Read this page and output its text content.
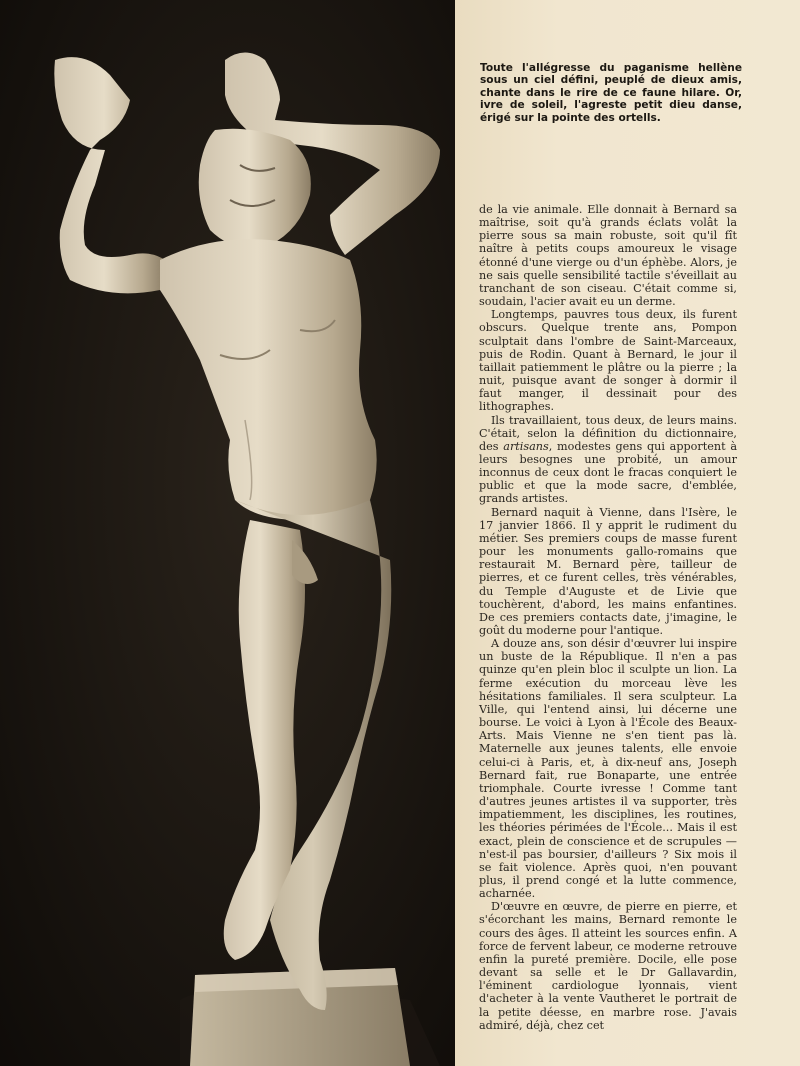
Toute l'allégresse du paganisme hellène sous un ciel défini, peuplé de dieux amis, chante dans le rire de ce faune hilare. Or, ivre de soleil, l'agreste petit dieu danse, érigé sur la pointe des ortells.

de la vie animale. Elle donnait à Bernard sa maîtrise, soit qu'à grands éclats volât la pierre sous sa main robuste, soit qu'il fît naître à petits coups amoureux le visage étonné d'une vierge ou d'un éphèbe. Alors, je ne sais quelle sensibilité tactile s'éveillait au tranchant de son ciseau. C'était comme si, soudain, l'acier avait eu un derme.

Longtemps, pauvres tous deux, ils furent obscurs. Quelque trente ans, Pompon sculptait dans l'ombre de Saint-Marceaux, puis de Rodin. Quant à Bernard, le jour il taillait patiemment le plâtre ou la pierre ; la nuit, puisque avant de songer à dormir il faut manger, il dessinait pour des lithographes.

Ils travaillaient, tous deux, de leurs mains. C'était, selon la définition du dictionnaire, des artisans, modestes gens qui apportent à leurs besognes une probité, un amour inconnus de ceux dont le fracas conquiert le public et que la mode sacre, d'emblée, grands artistes.

Bernard naquit à Vienne, dans l'Isère, le 17 janvier 1866. Il y apprit le rudiment du métier. Ses premiers coups de masse furent pour les monuments gallo-romains que restaurait M. Bernard père, tailleur de pierres, et ce furent celles, très vénérables, du Temple d'Auguste et de Livie que touchèrent, d'abord, les mains enfantines. De ces premiers contacts date, j'imagine, le goût du moderne pour l'antique.

A douze ans, son désir d'œuvrer lui inspire un buste de la République. Il n'en a pas quinze qu'en plein bloc il sculpte un lion. La ferme exécution du morceau lève les hésitations familiales. Il sera sculpteur. La Ville, qui l'entend ainsi, lui décerne une bourse. Le voici à Lyon à l'École des Beaux-Arts. Mais Vienne ne s'en tient pas là. Maternelle aux jeunes talents, elle envoie celui-ci à Paris, et, à dix-neuf ans, Joseph Bernard fait, rue Bonaparte, une entrée triomphale. Courte ivresse ! Comme tant d'autres jeunes artistes il va supporter, très impatiemment, les disciplines, les routines, les théories périmées de l'École... Mais il est exact, plein de conscience et de scrupules — n'est-il pas boursier, d'ailleurs ? Six mois il se fait violence. Après quoi, n'en pouvant plus, il prend congé et la lutte commence, acharnée.

D'œuvre en œuvre, de pierre en pierre, et s'écorchant les mains, Bernard remonte le cours des âges. Il atteint les sources enfin. A force de fervent labeur, ce moderne retrouve enfin la pureté première. Docile, elle pose devant sa selle et le Dr Gallavardin, l'éminent cardiologue lyonnais, vient d'acheter à la vente Vautheret le portrait de la petite déesse, en marbre rose. J'avais admiré, déjà, chez cet
